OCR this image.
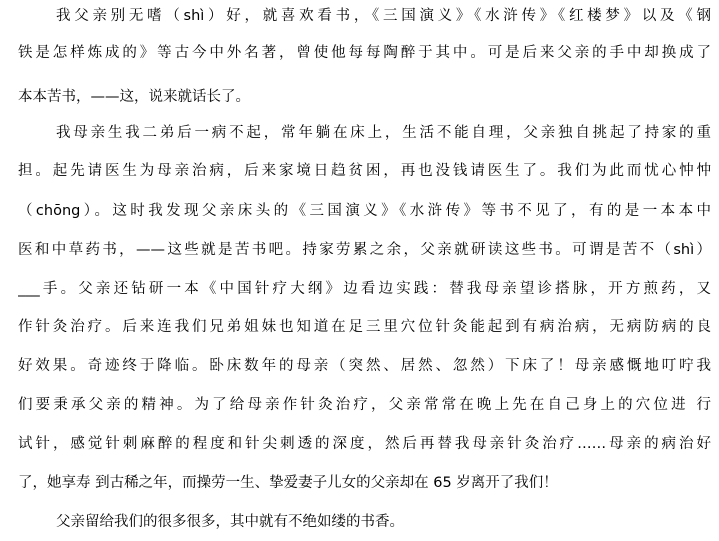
我父亲别无嗜（shì）好，就喜欢看书，《三国演义》《水浒传》《红楼梦》以及《钢
铁是怎样炼成的》等古今中外名著，曾使他每每陶醉于其中。可是后来父亲的手中却换成了
本本苦书，——这，说来就话长了。
我母亲生我二弟后一病不起，常年躺在床上，生活不能自理，父亲独自挑起了持家的重
担。起先请医生为母亲治病，后来家境日趋贫困，再也没钱请医生了。我们为此而忧心忡忡
（chōng）。这时我发现父亲床头的《三国演义》《水浒传》等书不见了，有的是一本本中
医和中草药书，——这些就是苦书吧。持家劳累之余，父亲就研读这些书。可谓是苦不（shì）
___手。父亲还钻研一本《中国针疗大纲》边看边实践：替我母亲望诊搭脉，开方煎药，又
作针灸治疗。后来连我们兄弟姐妹也知道在足三里穴位针灸能起到有病治病，无病防病的良
好效果。奇迹终于降临。卧床数年的母亲（突然、居然、忽然）下床了！母亲感慨地叮咛我
们要秉承父亲的精神。为了给母亲作针灸治疗，父亲常常在晚上先在自己身上的穴位进 行
试针，感觉针刺麻醉的程度和针尖刺透的深度，然后再替我母亲针灸治疗……母亲的病治好
了，她享寿 到古稀之年，而操劳一生、挚爱妻子儿女的父亲却在 65 岁离开了我们！
父亲留给我们的很多很多，其中就有不绝如缕的书香。
